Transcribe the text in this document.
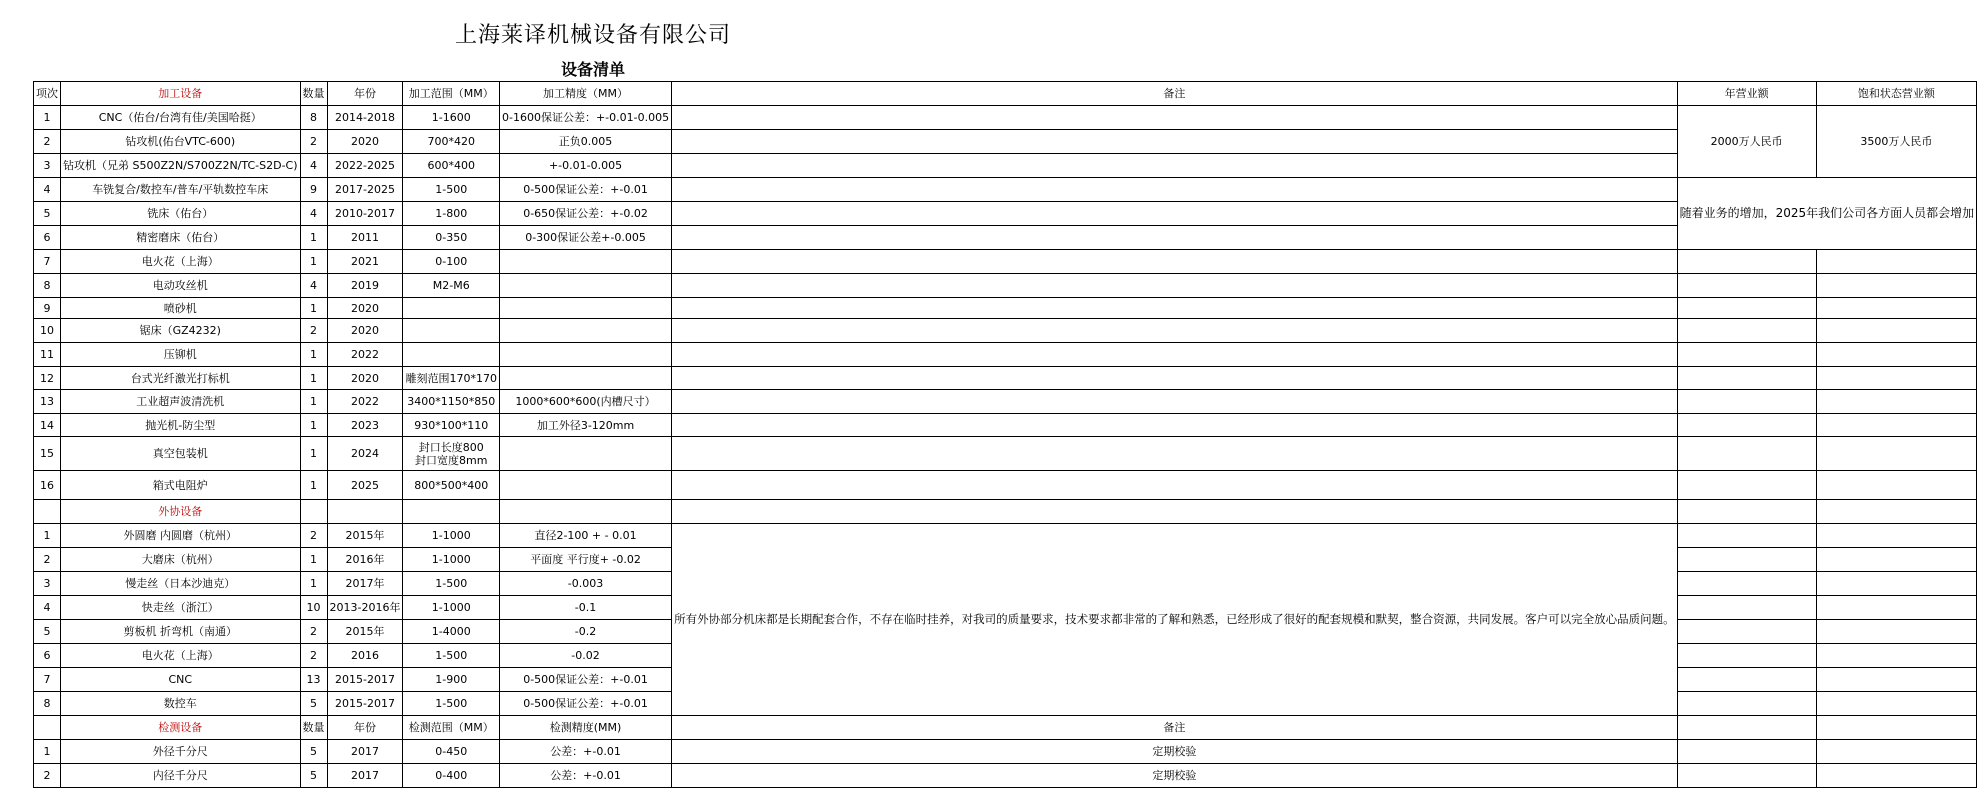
上海莱译机械设备有限公司
设备清单
项次	加工设备	数量	年份	加工范围（MM）	加工精度（MM）	备注	年营业额	饱和状态营业额
1	CNC（佑台/台湾有佳/美国哈挺）	8	2014-2018	1-1600	0-1600保证公差：+-0.01-0.005		2000万人民币	3500万人民币
2	钻攻机(佑台VTC-600)	2	2020	700*420	正负0.005			
3	钻攻机（兄弟 S500Z2N/S700Z2N/TC-S2D-C)	4	2022-2025	600*400	+-0.01-0.005			
4	车铣复合/数控车/普车/平轨数控车床	9	2017-2025	1-500	0-500保证公差：+-0.01		随着业务的增加，2025年我们公司各方面人员都会增加	
5	铣床（佑台）	4	2010-2017	1-800	0-650保证公差：+-0.02			
6	精密磨床（佑台）	1	2011	0-350	0-300保证公差+-0.005			
7	电火花（上海）	1	2021	0-100				
8	电动攻丝机	4	2019	M2-M6				
9	喷砂机	1	2020					
10	锯床（GZ4232)	2	2020					
11	压铆机	1	2022					
12	台式光纤激光打标机	1	2020	雕刻范围170*170				
13	工业超声波清洗机	1	2022	3400*1150*850	1000*600*600(内槽尺寸）			
14	抛光机-防尘型	1	2023	930*100*110	加工外径3-120mm			
15	真空包装机	1	2024	封口长度800
封口宽度8mm				

16	箱式电阻炉	1	2025	800*500*400				
	外协设备							
1	外圆磨 内圆磨（杭州）	2	2015年	1-1000	直径2-100 + - 0.01	所有外协部分机床都是长期配套合作，不存在临时挂养，对我司的质量要求，技术要求都非常的了解和熟悉，已经形成了很好的配套规模和默契，整合资源，共同发展。客户可以完全放心品质问题。		
2	大磨床（杭州）	1	2016年	1-1000	平面度 平行度+ -0.02			
3	慢走丝（日本沙迪克）	1	2017年	1-500	-0.003			
4	快走丝（浙江）	10	2013-2016年	1-1000	-0.1			
5	剪板机 折弯机（南通）	2	2015年	1-4000	-0.2			
6	电火花（上海）	2	2016	1-500	-0.02			
7	CNC	13	2015-2017	1-900	0-500保证公差：+-0.01			
8	数控车	5	2015-2017	1-500	0-500保证公差：+-0.01			
	检测设备	数量	年份	检测范围（MM）	检测精度(MM)	备注		
1	外径千分尺	5	2017	0-450	公差：+-0.01	定期校验		
2	内径千分尺	5	2017	0-400	公差：+-0.01	定期校验		
